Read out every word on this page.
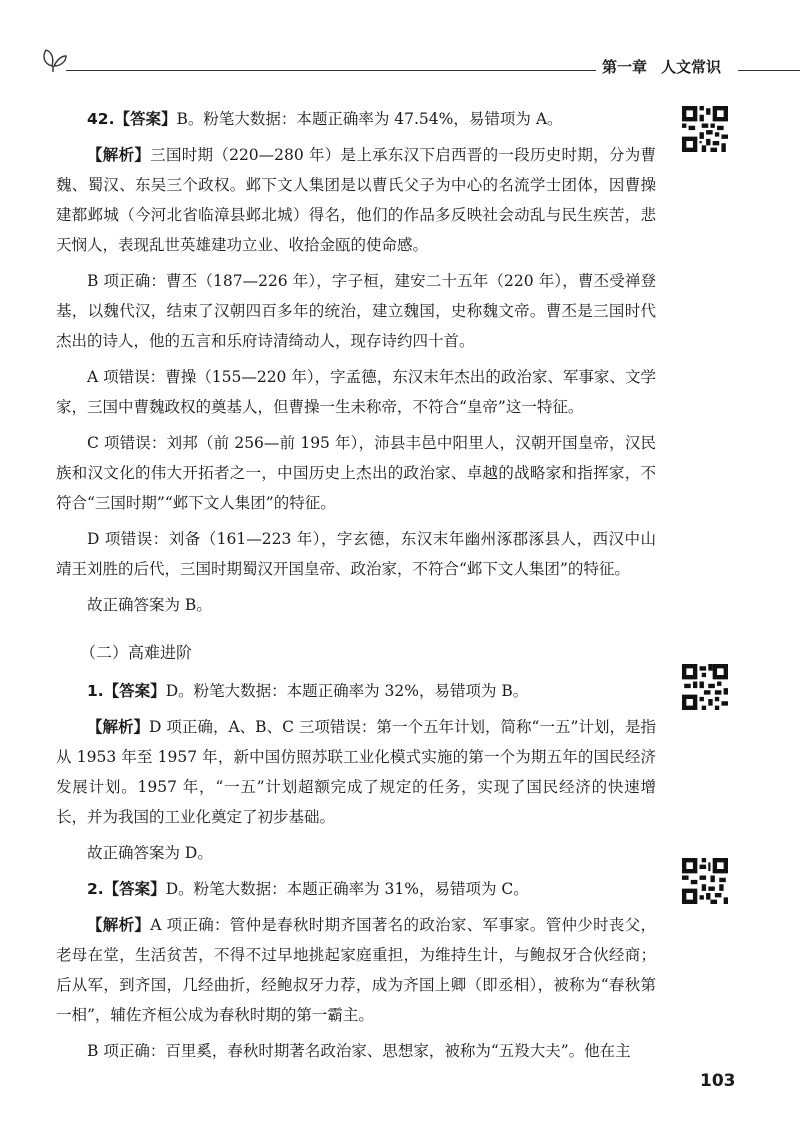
第一章 人文常识

42.【答案】B。粉笔大数据：本题正确率为 47.54%，易错项为 A。

【解析】三国时期（220—280 年）是上承东汉下启西晋的一段历史时期，分为曹魏、蜀汉、东吴三个政权。邺下文人集团是以曹氏父子为中心的名流学士团体，因曹操建都邺城（今河北省临漳县邺北城）得名，他们的作品多反映社会动乱与民生疾苦，悲天悯人，表现乱世英雄建功立业、收拾金瓯的使命感。

B 项正确：曹丕（187—226 年），字子桓，建安二十五年（220 年），曹丕受禅登基，以魏代汉，结束了汉朝四百多年的统治，建立魏国，史称魏文帝。曹丕是三国时代杰出的诗人，他的五言和乐府诗清绮动人，现存诗约四十首。

A 项错误：曹操（155—220 年），字孟德，东汉末年杰出的政治家、军事家、文学家，三国中曹魏政权的奠基人，但曹操一生未称帝，不符合“皇帝”这一特征。

C 项错误：刘邦（前 256—前 195 年），沛县丰邑中阳里人，汉朝开国皇帝，汉民族和汉文化的伟大开拓者之一，中国历史上杰出的政治家、卓越的战略家和指挥家，不符合“三国时期”“邺下文人集团”的特征。

D 项错误：刘备（161—223 年），字玄德，东汉末年幽州涿郡涿县人，西汉中山靖王刘胜的后代，三国时期蜀汉开国皇帝、政治家，不符合“邺下文人集团”的特征。

故正确答案为 B。

（二）高难进阶

1.【答案】D。粉笔大数据：本题正确率为 32%，易错项为 B。

【解析】D 项正确，A、B、C 三项错误：第一个五年计划，简称“一五”计划，是指从 1953 年至 1957 年，新中国仿照苏联工业化模式实施的第一个为期五年的国民经济发展计划。1957 年，“一五”计划超额完成了规定的任务，实现了国民经济的快速增长，并为我国的工业化奠定了初步基础。

故正确答案为 D。

2.【答案】D。粉笔大数据：本题正确率为 31%，易错项为 C。

【解析】A 项正确：管仲是春秋时期齐国著名的政治家、军事家。管仲少时丧父，老母在堂，生活贫苦，不得不过早地挑起家庭重担，为维持生计，与鲍叔牙合伙经商；后从军，到齐国，几经曲折，经鲍叔牙力荐，成为齐国上卿（即丞相），被称为“春秋第一相”，辅佐齐桓公成为春秋时期的第一霸主。

B 项正确：百里奚，春秋时期著名政治家、思想家，被称为“五羖大夫”。他在主

103
